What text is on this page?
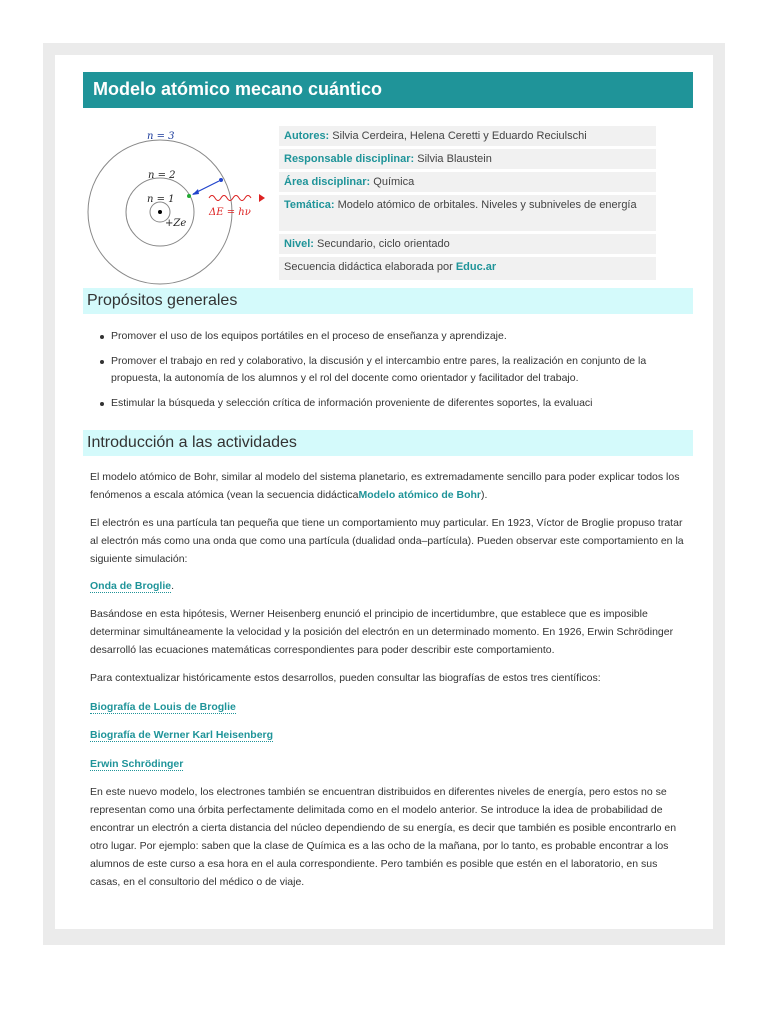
Modelo atómico mecano cuántico
n = 3
n = 2
n = 1
+Ze
ΔE = hν
Autores: Silvia Cerdeira, Helena Ceretti y Eduardo Reciulschi
Responsable disciplinar: Silvia Blaustein
Área disciplinar: Química
Temática: Modelo atómico de orbitales. Niveles y subniveles de energía
Nivel: Secundario, ciclo orientado
Secuencia didáctica elaborada por Educ.ar
Propósitos generales
Promover el uso de los equipos portátiles en el proceso de enseñanza y aprendizaje.
Promover el trabajo en red y colaborativo, la discusión y el intercambio entre pares, la realización en conjunto de la propuesta, la autonomía de los alumnos y el rol del docente como orientador y facilitador del trabajo.
Estimular la búsqueda y selección crítica de información proveniente de diferentes soportes, la evaluaci
Introducción a las actividades

El modelo atómico de Bohr, similar al modelo del sistema planetario, es extremadamente sencillo para poder explicar todos los fenómenos a escala atómica (vean la secuencia didácticaModelo atómico de Bohr).

El electrón es una partícula tan pequeña que tiene un comportamiento muy particular. En 1923, Víctor de Broglie propuso tratar al electrón más como una onda que como una partícula (dualidad onda–partícula). Pueden observar este comportamiento en la siguiente simulación:

Onda de Broglie.

Basándose en esta hipótesis, Werner Heisenberg enunció el principio de incertidumbre, que establece que es imposible determinar simultáneamente la velocidad y la posición del electrón en un determinado momento. En 1926, Erwin Schrödinger desarrolló las ecuaciones matemáticas correspondientes para poder describir este comportamiento.

Para contextualizar históricamente estos desarrollos, pueden consultar las biografías de estos tres científicos:

Biografía de Louis de Broglie

Biografía de Werner Karl Heisenberg

Erwin Schrödinger

En este nuevo modelo, los electrones también se encuentran distribuidos en diferentes niveles de energía, pero estos no se representan como una órbita perfectamente delimitada como en el modelo anterior. Se introduce la idea de probabilidad de encontrar un electrón a cierta distancia del núcleo dependiendo de su energía, es decir que también es posible encontrarlo en otro lugar. Por ejemplo: saben que la clase de Química es a las ocho de la mañana, por lo tanto, es probable encontrar a los alumnos de este curso a esa hora en el aula correspondiente. Pero también es posible que estén en el laboratorio, en sus casas, en el consultorio del médico o de viaje.
